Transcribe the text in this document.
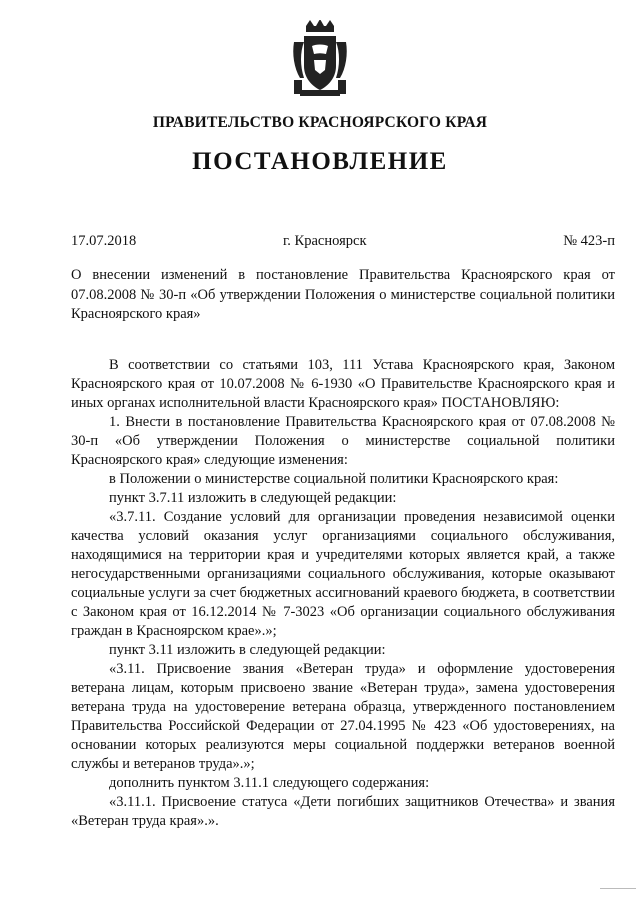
ПРАВИТЕЛЬСТВО КРАСНОЯРСКОГО КРАЯ
ПОСТАНОВЛЕНИЕ
17.07.2018	г. Красноярск	№ 423-п
О внесении изменений в постановление Правительства Красноярского края от 07.08.2008 № 30-п «Об утверждении Положения о министерстве социальной политики Красноярского края»

В соответствии со статьями 103, 111 Устава Красноярского края, Законом Красноярского края от 10.07.2008 № 6-1930 «О Правительстве Красноярского края и иных органах исполнительной власти Красноярского края» ПОСТАНОВЛЯЮ:

1. Внести в постановление Правительства Красноярского края от 07.08.2008 № 30-п «Об утверждении Положения о министерстве социальной политики Красноярского края» следующие изменения:

в Положении о министерстве социальной политики Красноярского края:

пункт 3.7.11 изложить в следующей редакции:

«3.7.11. Создание условий для организации проведения независимой оценки качества условий оказания услуг организациями социального обслуживания, находящимися на территории края и учредителями которых является край, а также негосударственными организациями социального обслуживания, которые оказывают социальные услуги за счет бюджетных ассигнований краевого бюджета, в соответствии с Законом края от 16.12.2014 № 7-3023 «Об организации социального обслуживания граждан в Красноярском крае».»;

пункт 3.11 изложить в следующей редакции:

«3.11. Присвоение звания «Ветеран труда» и оформление удостоверения ветерана лицам, которым присвоено звание «Ветеран труда», замена удостоверения ветерана труда на удостоверение ветерана образца, утвержденного постановлением Правительства Российской Федерации от 27.04.1995 № 423 «Об удостоверениях, на основании которых реализуются меры социальной поддержки ветеранов военной службы и ветеранов труда».»;

дополнить пунктом 3.11.1 следующего содержания:

«3.11.1. Присвоение статуса «Дети погибших защитников Отечества» и звания «Ветеран труда края».».
